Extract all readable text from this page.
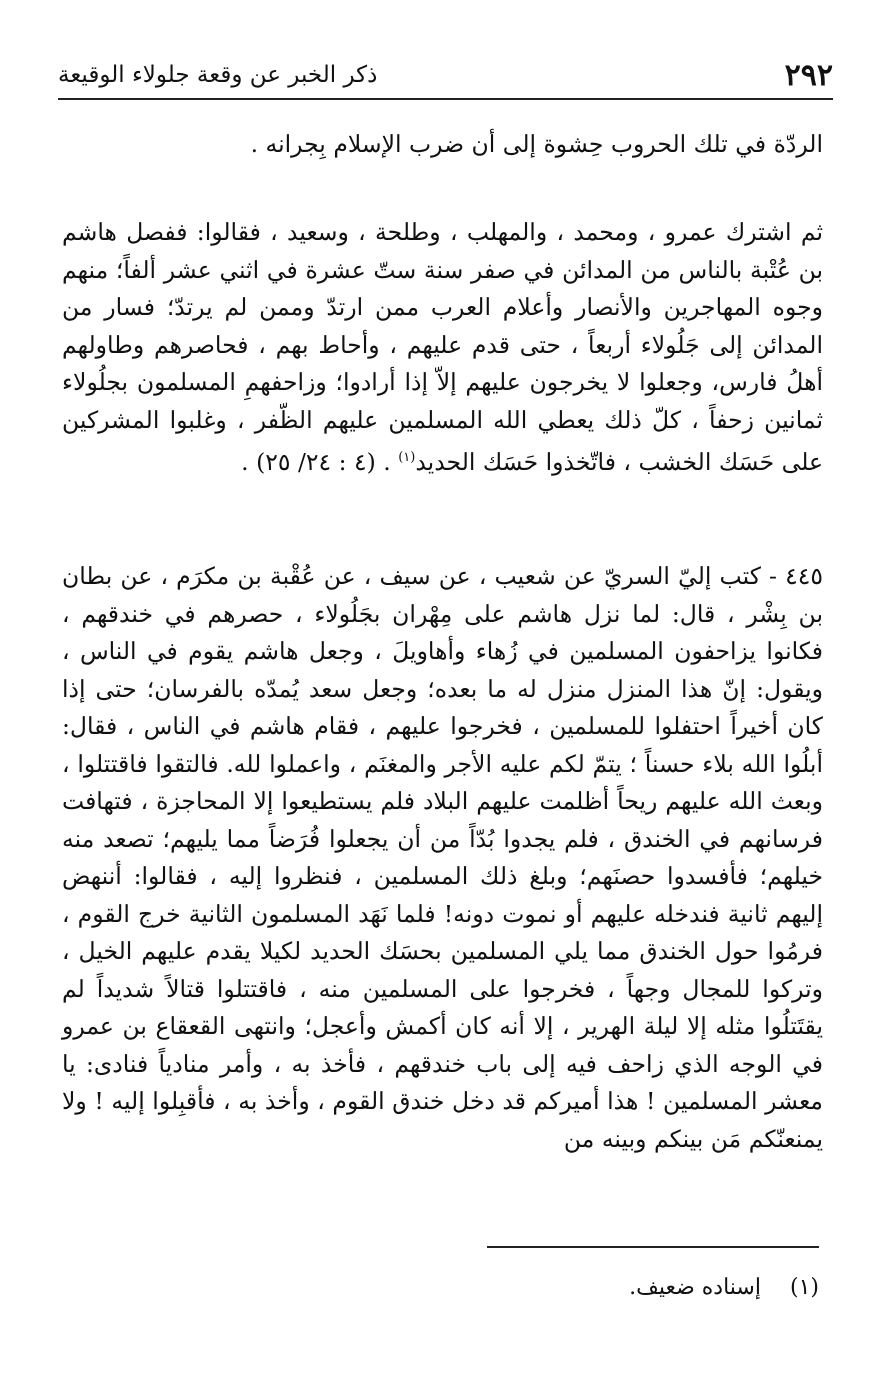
٢٩٢
ذكر الخبر عن وقعة جلولاء الوقيعة

الردّة في تلك الحروب حِشوة إلى أن ضرب الإسلام بِجرانه .

ثم اشترك عمرو ، ومحمد ، والمهلب ، وطلحة ، وسعيد ، فقالوا: ففصل هاشم بن عُتْبة بالناس من المدائن في صفر سنة ستّ عشرة في اثني عشر ألفاً؛ منهم وجوه المهاجرين والأنصار وأعلام العرب ممن ارتدّ وممن لم يرتدّ؛ فسار من المدائن إلى جَلُولاء أربعاً ، حتى قدم عليهم ، وأحاط بهم ، فحاصرهم وطاولهم أهلُ فارس، وجعلوا لا يخرجون عليهم إلاّ إذا أرادوا؛ وزاحفهمِ المسلمون بجلُولاء ثمانين زحفاً ، كلّ ذلك يعطي الله المسلمين عليهم الظّفر ، وغلبوا المشركين على حَسَك الخشب ، فاتّخذوا حَسَك الحديد$^{(١)}$ . (٤ : ٢٤/ ٢٥) .

٤٤٥ - كتب إليّ السريّ عن شعيب ، عن سيف ، عن عُقْبة بن مكرَم ، عن بطان بن بِشْر ، قال: لما نزل هاشم على مِهْران بجَلُولاء ، حصرهم في خندقهم ، فكانوا يزاحفون المسلمين في زُهاء وأهاويلَ ، وجعل هاشم يقوم في الناس ، ويقول: إنّ هذا المنزل منزل له ما بعده؛ وجعل سعد يُمدّه بالفرسان؛ حتى إذا كان أخيراً احتفلوا للمسلمين ، فخرجوا عليهم ، فقام هاشم في الناس ، فقال: أبلُوا الله بلاء حسناً ؛ يتمّ لكم عليه الأجر والمغنَم ، واعملوا لله. فالتقوا فاقتتلوا ، وبعث الله عليهم ريحاً أظلمت عليهم البلاد فلم يستطيعوا إلا المحاجزة ، فتهافت فرسانهم في الخندق ، فلم يجدوا بُدّاً من أن يجعلوا فُرَضاً مما يليهم؛ تصعد منه خيلهم؛ فأفسدوا حصنَهم؛ وبلغ ذلك المسلمين ، فنظروا إليه ، فقالوا: أننهض إليهم ثانية فندخله عليهم أو نموت دونه! فلما نَهَد المسلمون الثانية خرج القوم ، فرمُوا حول الخندق مما يلي المسلمين بحسَك الحديد لكيلا يقدم عليهم الخيل ، وتركوا للمجال وجهاً ، فخرجوا على المسلمين منه ، فاقتتلوا قتالاً شديداً لم يقتَتلُوا مثله إلا ليلة الهرير ، إلا أنه كان أكمش وأعجل؛ وانتهى القعقاع بن عمرو في الوجه الذي زاحف فيه إلى باب خندقهم ، فأخذ به ، وأمر منادياً فنادى: يا معشر المسلمين ! هذا أميركم قد دخل خندق القوم ، وأخذ به ، فأقبِلوا إليه ! ولا يمنعنّكم مَن بينكم وبينه من

(١) إسناده ضعيف.
